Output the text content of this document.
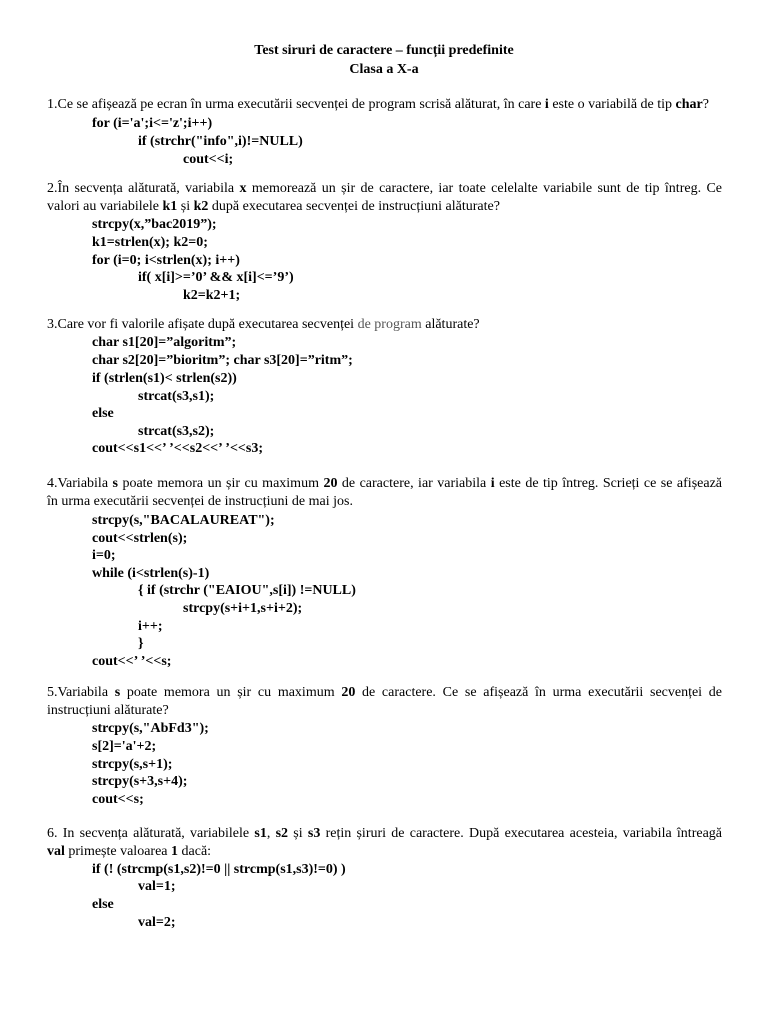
Test siruri de caractere – funcții predefinite
Clasa a X-a
1.Ce se afișează pe ecran în urma executării secvenței de program scrisă alăturat, în care i este o variabilă de tip char?
for (i='a';i<='z';i++)
if (strchr("info",i)!=NULL)
cout<<i;
2.În secvența alăturată, variabila x memorează un șir de caractere, iar toate celelalte variabile sunt de tip întreg. Ce
valori au variabilele k1 și k2 după executarea secvenței de instrucțiuni alăturate?
strcpy(x,”bac2019”);
k1=strlen(x); k2=0;
for (i=0; i<strlen(x); i++)
if( x[i]>=’0’ && x[i]<=’9’)
k2=k2+1;
3.Care vor fi valorile afișate după executarea secvenței de program alăturate?
char s1[20]=”algoritm”;
char s2[20]=”bioritm”; char s3[20]=”ritm”;
if (strlen(s1)< strlen(s2))
strcat(s3,s1);
else
strcat(s3,s2);
cout<<s1<<’ ’<<s2<<’ ’<<s3;
4.Variabila s poate memora un șir cu maximum 20 de caractere, iar variabila i este de tip întreg. Scrieți ce se afișează
în urma executării secvenței de instrucțiuni de mai jos.
strcpy(s,"BACALAUREAT");
cout<<strlen(s);
i=0;
while (i<strlen(s)-1)
{ if (strchr ("EAIOU",s[i]) !=NULL)
strcpy(s+i+1,s+i+2);
i++;
}
cout<<’ ’<<s;
5.Variabila s poate memora un șir cu maximum 20 de caractere. Ce se afișează în urma executării secvenței de
instrucțiuni alăturate?
strcpy(s,"AbFd3");
s[2]='a'+2;
strcpy(s,s+1);
strcpy(s+3,s+4);
cout<<s;
6. In secvența alăturată, variabilele s1, s2 și s3 rețin șiruri de caractere. După executarea acesteia, variabila întreagă
val primește valoarea 1 dacă:
if (! (strcmp(s1,s2)!=0 || strcmp(s1,s3)!=0) )
val=1;
else
val=2;
